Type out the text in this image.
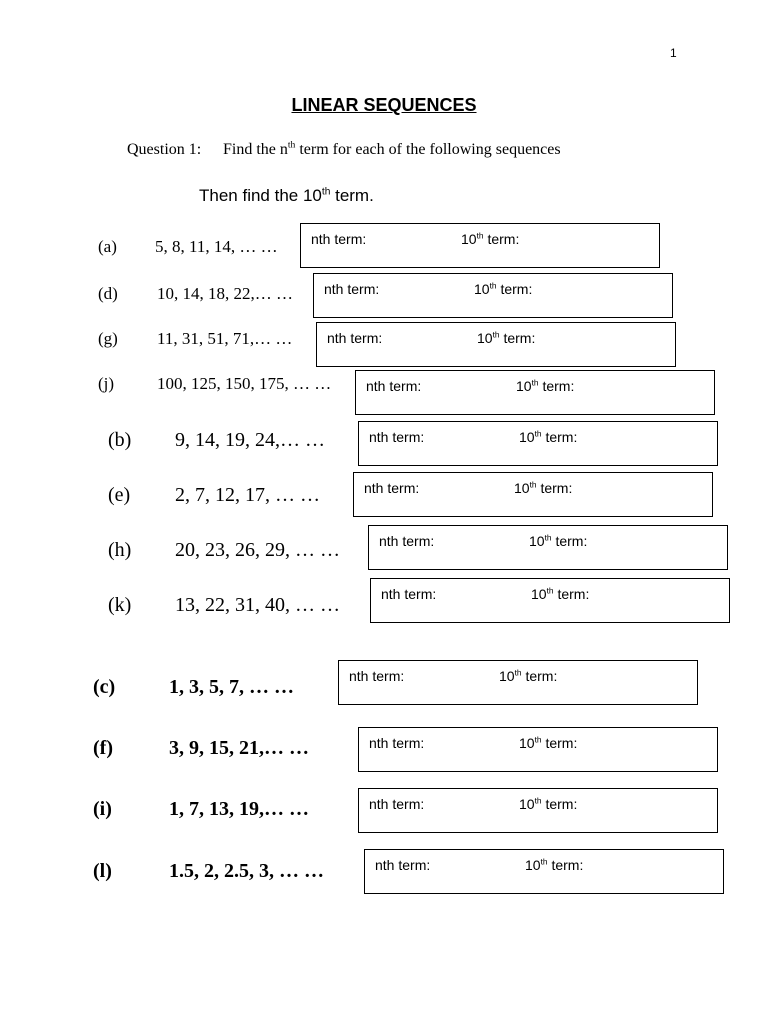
1
LINEAR SEQUENCES
Question 1: Find the $n^{th}$ term for each of the following sequences
Then find the 10th term.
(a) 5, 8, 11, 14, … … nth term:	10th term:
(d) 10, 14, 18, 22,… … nth term:	10th term:
(g) 11, 31, 51, 71,… … nth term:	10th term:
(j)	100, 125, 150, 175, … … nth term:	10th term:
(b) 9, 14, 19, 24,… …	nth term:	10th term:
(e) 2, 7, 12, 17, … …	nth term:	10th term:
(h) 20, 23, 26, 29, … …	nth term:	10th term:
(k) 13, 22, 31, 40, … …	nth term:	10th term:
(c)	1, 3, 5, 7, … …	nth term:	10th term:
(f)	3, 9, 15, 21,… …	nth term:	10th term:
(i)	1, 7, 13, 19,… …	nth term:	10th term:
(l)	1.5, 2, 2.5, 3, … …	nth term:	10th term:
